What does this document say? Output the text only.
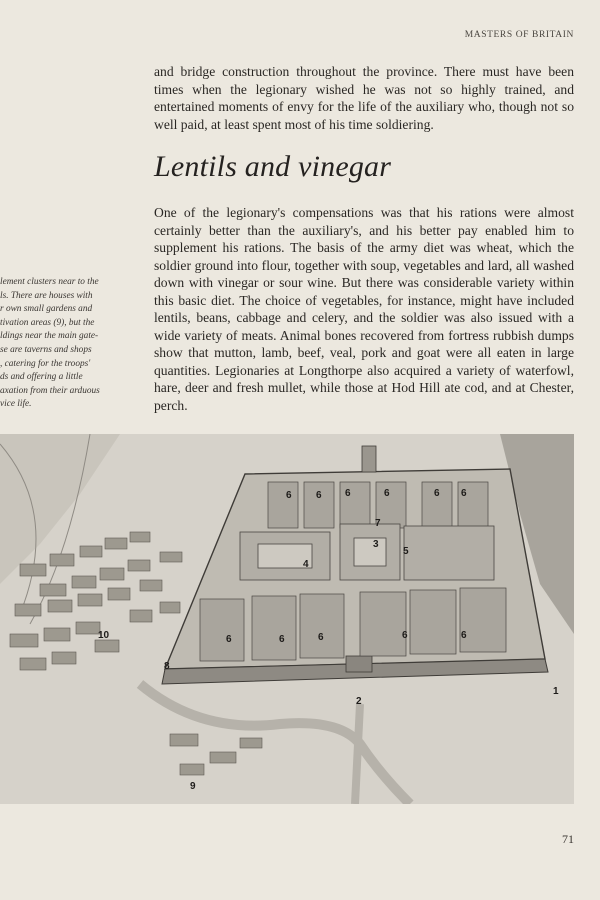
MASTERS OF BRITAIN

and bridge construction throughout the province. There must have been times when the legionary wished he was not so highly trained, and entertained moments of envy for the life of the auxiliary who, though not so well paid, at least spent most of his time soldiering.

Lentils and vinegar

One of the legionary's compensations was that his rations were almost certainly better than the auxiliary's, and his better pay enabled him to supplement his rations. The basis of the army diet was wheat, which the soldier ground into flour, together with soup, vegetables and lard, all washed down with vinegar or sour wine. But there was considerable variety within this basic diet. The choice of vegetables, for instance, might have included lentils, beans, cabbage and celery, and the soldier was also issued with a wide variety of meats. Animal bones recovered from fortress rubbish dumps show that mutton, lamb, beef, veal, pork and goat were all eaten in large quantities. Legionaries at Longthorpe also acquired a variety of waterfowl, hare, deer and fresh mullet, while those at Hod Hill ate cod, and at Chester, perch.

lement clusters near to the
ls. There are houses with
r own small gardens and
tivation areas (9), but the
ldings near the main gate-
se are taverns and shops
, catering for the troops'
ds and offering a little
axation from their arduous
vice life.
6 6 6	6	6 6
7
3
5
4
6	6	6	6	6
10
8
2
1
9
71
